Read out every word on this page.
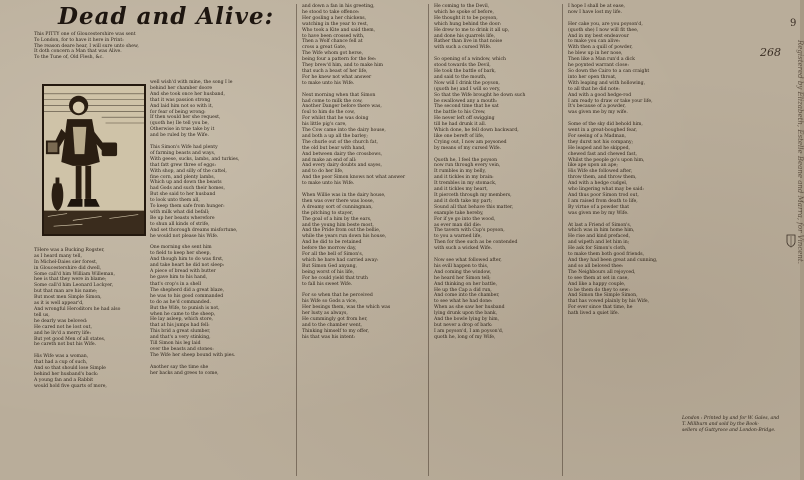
Dead and Alive:
This PITTY one of Gloucestershire was sent
To London, for to have it here in Print:
The reason deare hear, I will sure unto shew,
It doth concern a Man that was Alive.
To the Tune of, Old Flesh, &c.
well wish'd with mine, the song I le
behind her chamber doore
And she took once her husband,
that it was passion strong
And laid him not so with it,
for fear of being wrong:
If then would her she request,
(quoth he) Ile tell you be,
Otherwise in true take by it
and be ruled by the Wife.

This Simon's Wife had plenty
of farming beasts and ways,
With geese, sucks, lambs, and turkies,
that fatt grew three of eggs:
With shop, and silly of the cattel,
fine corn, and plenty lambs,
Which up and down the beasts
had Gods and such their homes,
But she said to her husband
to look unto them all,
To keep them safe from hunger:
with milk what did befall;
Be up her beasts wherefore
to shun all kinds of strife,
And set thorough dreams misfortune,
he would not please his Wife.

One morning she sent him
to field to keep her sheep,
And though him to do was first,
and take heart he did not sleep:
A piece of bread with butter
he gave him to his hand,

THere was a Bucking Rogster,
as I heard many tell,
In Michel-Daies sier forest,
in Gloucestershire did dwell,
Some call'd him William Willeman,
hee is that they were in blame;
Some call'd him Leonard Lockyer,
but that man are his name;
But most men Simple Simon,
as it is well appear'd,
And wrongful Heroditors he had also
tell us,
he dearly was beloved:
He cared not he lost out,
and he liv'd a merry life:
But yet good Men of all states,
he careth not but his Wife.

His Wife was a woman,
that had a cup of such,
And so that should lose Simple
behind her husband's back:
A young fan and a Rabbit
would hold five quarts of more,

that's crop's in a shell
The shepherd did a great blaze,
he was to his good commanded
to do as he'd commanded.
But the Wife, to punish is not,
when he came to the sheep,
He lay asleep, which store,
that at his jumps had fell:
This brid a great slumber,
and that's a very stinking,
Till Simon his leg laid
over the beasts and stones:
The Wife her sheep bound with pies.

Another say the time she
her backs and grees to come,
and down a fan in his greeting,
he stood to take offence:
Her gosling a her chickens,
watching in the year to rest,
Who took a Kite and said them,
to have been crossed with,
Then a Wolf chance fell at
cross a great Gate,
The Wife whom got herse,
being four a pattern for the fee:
They brew'd him, and to make him
that such a beast of her life,
For he knew not what answer
to make unto his Wife.

Next morning when that Simon
had come to milk the cow,
Another Danger before there was,
foul to him do the cow,
For whilst that he was doing
his little pig's care,
The Cow came into the dairy house,
and both a up all the barley;
The churle out of the church fat,
the old but bear with hand,
And between dairy the crossbows,
and make an end of all:
And every dairy doubts and sayes,
and to do her life,
And the poor Simon knows not what answer
to make unto his Wife.

When Willie was in the dairy house,
then was over there was loose,
A dreamy sort of cunningman,
the pitching to stayer,
The goal of a him by the ears,
and the young him beste most,
And the Pride from out the bellie,
while the years run down his house,
And he did to be retained
before the morrow day,
For all the bell of Simon's,
which he bare had carried away:
But Simon Ged anyang,
being worst of his life,
For he could yield that truth
to fall his sweet Wife.

For so when that he perceived
his Wife so Gods a vice,
Her besings them, was the which was
her lusty as always,
He cummingly got from her,
and to the chamber went,
Thinking himself to my offer,
his that was his intent:
He coming to the Devil,
which he spoke of before,
He thought it to be poyson,
which hung behind the door:
He drew to me to drink it all up,
and done his quarrels life,
Rather than live in that noise
with such a cursed Wife.

So opening of a window, which
stood towards the Devil,
He took the battle of bark,
and said to the mouth,
Now will I drink the poyson,
(quoth he) and I will so very,
So that the Wife brought he down such
be swallowed any a mouth:
The second time that he sat
the battle to his Crew,
He never left off swigging
till he had drunk it all.
Which done, he fell down backward,
like one bereft of life,
Crying out, I now am poysoned
by means of my cursed Wife.

Quoth he, I feel the poyson
now run through every vein,
It rumbles in my belly,
and it tickles in my brain:
It trembles in my stomack,
and it tickles my heart,
It pierceth through my members,
and it doth take my part;
Sound all that behave this matter,
example take hereby,
For if ye go into the wood,
as ever man did die:
The tavern with Cup's poyson,
to you a warned life,
Then for thee such as be contended
with such a wicked Wife.

Now see what followed after,
his evill happen to this,
And coming the window,
he heard her Simon tell;
And thinking on her battle,
He up the Cap a did run,
And come into the chamber,
to see what he had done:
When as she saw her husband
lying drunk upon the bank,
And the bowle lying by him,
but never a drop of bark:
I am poyson'd, I am poyson'd,
quoth he, long of my Wife,
I hope I shall be at ease,
now I have lost my life.

Her cake you, are you poyson'd,
(quoth she) I now will fit thee,
And in my best endeavour
to make you can alive:
With then a quill of powder,
he blew up in her nose,
Then like a Man run'd a dick
he poynted warrant close:
So down the Cairo to a can craight
into her open throat,
With leaping and with hollowing,
to all that he did note:
And with a good hedge-rod
I am ready to draw or take your life,
It's because of a powder,
was given me by my wife.

Some of the sky did behold him,
went in a great-boughed fear,
For seeing of a Madman,
they durst not his company;
He leaped and he skipped,
chewed fast and chewed fast,
Whilst the people go's upon him,
like ape upon an ape;
His Wife she followed after,
throw them, and throw them,
And with a hedge cudgel,
who lingering what may be said:
And thus poor Simon trod out,
I am raised from death to life,
By virtue of a powder that
was given me by my Wife.

At last a Friend of Simon's,
which was in him home him,
He rise and kind prefaced,
and wipeth and let him in;
He ask for Simon's cloth,
to make them both good friends,
And they had been great and cunning,
and so all beloved thee:
The Neighbours all rejoyced,
to see them at set in case,
And like a happy couple,
to be them do they to sew:
And Simon the Simple Simon,
that has vowed plainly by his Wife,
For ever since that time, he
hath lived a quiet life.
London : Printed by and for W. Gales, and
T. Millburn and sold by the Book-
sellers of Guttyroce and London-Bridge.
9
268	Registered by Elizabeth, Estelle Beane and Marra, for Vincent.
